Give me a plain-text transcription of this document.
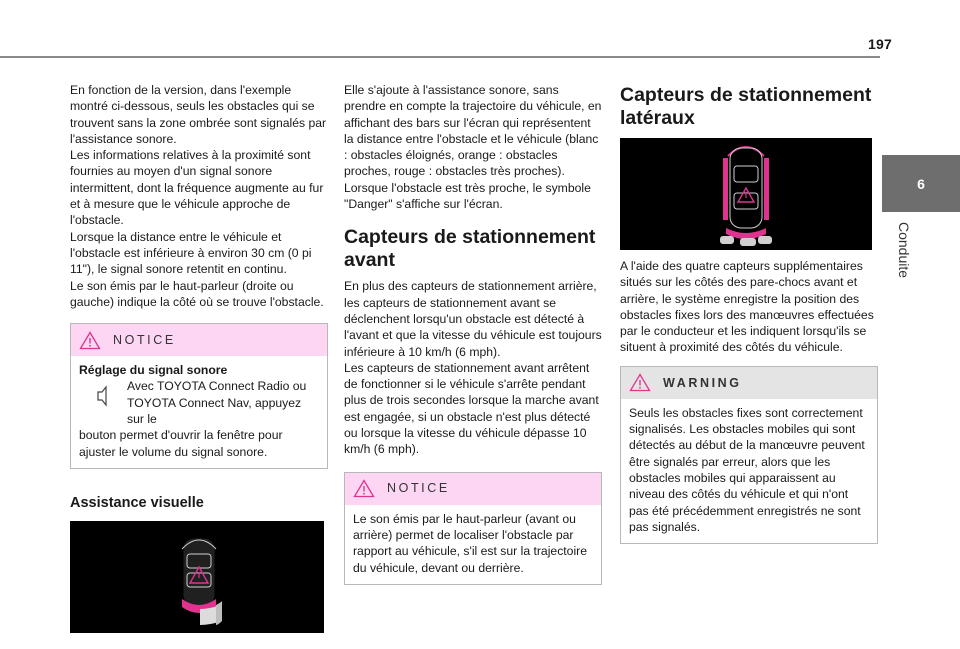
197
6
Conduite

En fonction de la version, dans l'exemple montré ci-dessous, seuls les obstacles qui se trouvent sans la zone ombrée sont signalés par l'assistance sonore.

Les informations relatives à la proximité sont fournies au moyen d'un signal sonore intermittent, dont la fréquence augmente au fur et à mesure que le véhicule approche de l'obstacle.

Lorsque la distance entre le véhicule et l'obstacle est inférieure à environ 30 cm (0 pi 11"), le signal sonore retentit en continu.

Le son émis par le haut-parleur (droite ou gauche) indique la côté où se trouve l'obstacle.

NOTICE
Réglage du signal sonore
Avec TOYOTA Connect Radio ou TOYOTA Connect Nav, appuyez sur le
bouton permet d'ouvrir la fenêtre pour ajuster le volume du signal sonore.
Assistance visuelle

Elle s'ajoute à l'assistance sonore, sans prendre en compte la trajectoire du véhicule, en affichant des bars sur l'écran qui représentent la distance entre l'obstacle et le véhicule (blanc : obstacles éloignés, orange : obstacles proches, rouge : obstacles très proches).

Lorsque l'obstacle est très proche, le symbole "Danger" s'affiche sur l'écran.

Capteurs de stationnement avant

En plus des capteurs de stationnement arrière, les capteurs de stationnement avant se déclenchent lorsqu'un obstacle est détecté à l'avant et que la vitesse du véhicule est toujours inférieure à 10 km/h (6 mph).

Les capteurs de stationnement avant arrêtent de fonctionner si le véhicule s'arrête pendant plus de trois secondes lorsque la marche avant est engagée, si un obstacle n'est plus détecté ou lorsque la vitesse du véhicule dépasse 10 km/h (6 mph).

NOTICE
Le son émis par le haut-parleur (avant ou arrière) permet de localiser l'obstacle par rapport au véhicule, s'il est sur la trajectoire du véhicule, devant ou derrière.
Capteurs de stationnement latéraux

A l'aide des quatre capteurs supplémentaires situés sur les côtés des pare-chocs avant et arrière, le système enregistre la position des obstacles fixes lors des manœuvres effectuées par le conducteur et les indiquent lorsqu'ils se situent à proximité des côtés du véhicule.

WARNING
Seuls les obstacles fixes sont correctement signalisés. Les obstacles mobiles qui sont détectés au début de la manœuvre peuvent être signalés par erreur, alors que les obstacles mobiles qui apparaissent au niveau des côtés du véhicule et qui n'ont pas été précédemment enregistrés ne sont pas signalés.
